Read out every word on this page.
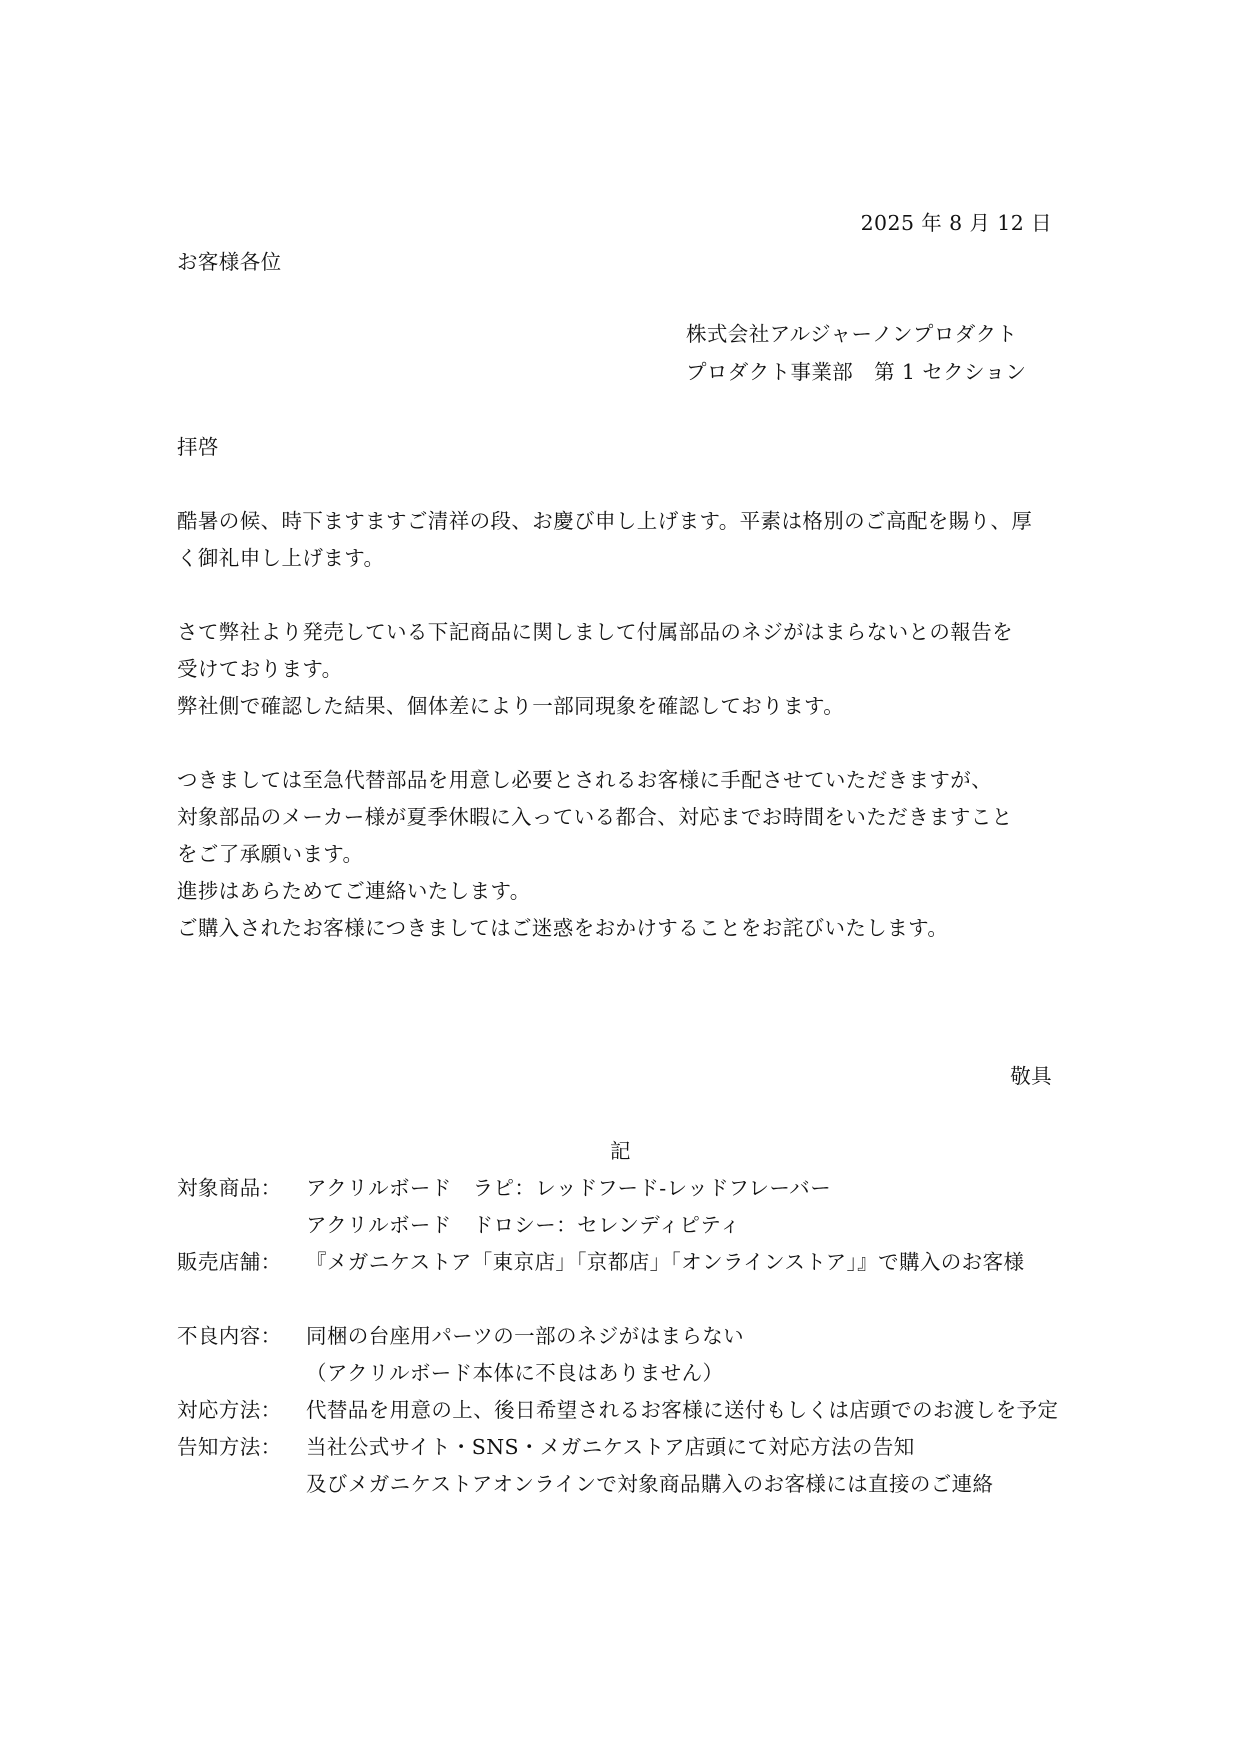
2025 年 8 月 12 日

お客様各位

株式会社アルジャーノンプロダクト

プロダクト事業部　第 1 セクション

拝啓

酷暑の候、時下ますますご清祥の段、お慶び申し上げます。平素は格別のご高配を賜り、厚

く御礼申し上げます。

さて弊社より発売している下記商品に関しまして付属部品のネジがはまらないとの報告を

受けております。

弊社側で確認した結果、個体差により一部同現象を確認しております。

つきましては至急代替部品を用意し必要とされるお客様に手配させていただきますが、

対象部品のメーカー様が夏季休暇に入っている都合、対応までお時間をいただきますこと

をご了承願います。

進捗はあらためてご連絡いたします。

ご購入されたお客様につきましてはご迷惑をおかけすることをお詫びいたします。

敬具

記

対象商品： アクリルボード　ラピ：レッドフード-レッドフレーバー

アクリルボード　ドロシー：セレンディピティ

販売店舗： 『メガニケストア「東京店」「京都店」「オンラインストア」』で購入のお客様

不良内容： 同梱の台座用パーツの一部のネジがはまらない

（アクリルボード本体に不良はありません）

対応方法： 代替品を用意の上、後日希望されるお客様に送付もしくは店頭でのお渡しを予定

告知方法： 当社公式サイト・SNS・メガニケストア店頭にて対応方法の告知

及びメガニケストアオンラインで対象商品購入のお客様には直接のご連絡
